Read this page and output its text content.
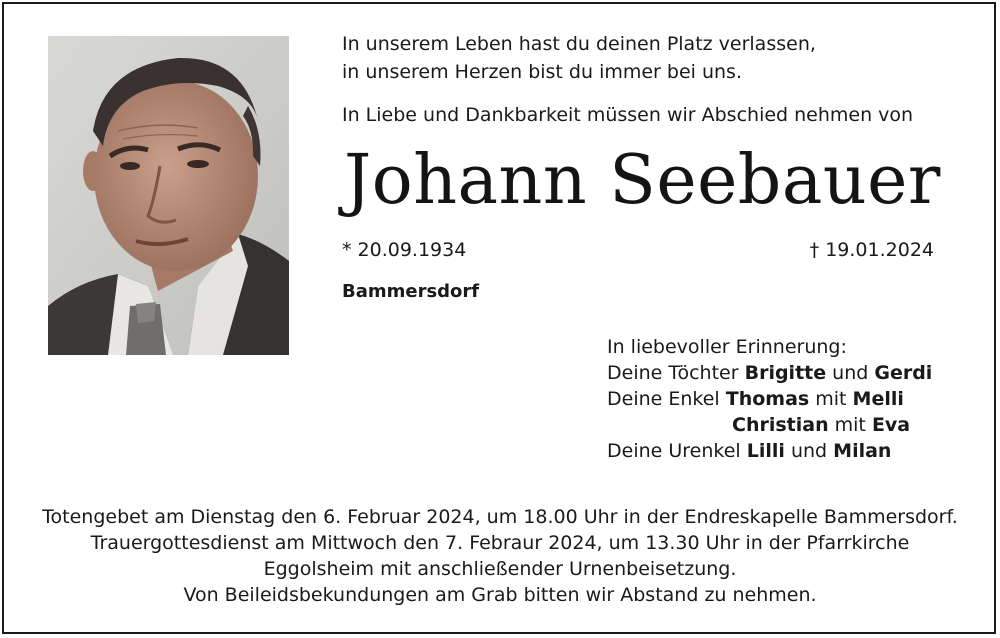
In unserem Leben hast du deinen Platz verlassen,
in unserem Herzen bist du immer bei uns.
In Liebe und Dankbarkeit müssen wir Abschied nehmen von
Johann Seebauer
* 20.09.1934	† 19.01.2024
Bammersdorf
In liebevoller Erinnerung:
Deine Töchter Brigitte und Gerdi
Deine Enkel Thomas mit Melli
Christian mit Eva
Deine Urenkel Lilli und Milan
Totengebet am Dienstag den 6. Februar 2024, um 18.00 Uhr in der Endreskapelle Bammersdorf.
Trauergottesdienst am Mittwoch den 7. Febraur 2024, um 13.30 Uhr in der Pfarrkirche
Eggolsheim mit anschließender Urnenbeisetzung.
Von Beileidsbekundungen am Grab bitten wir Abstand zu nehmen.
